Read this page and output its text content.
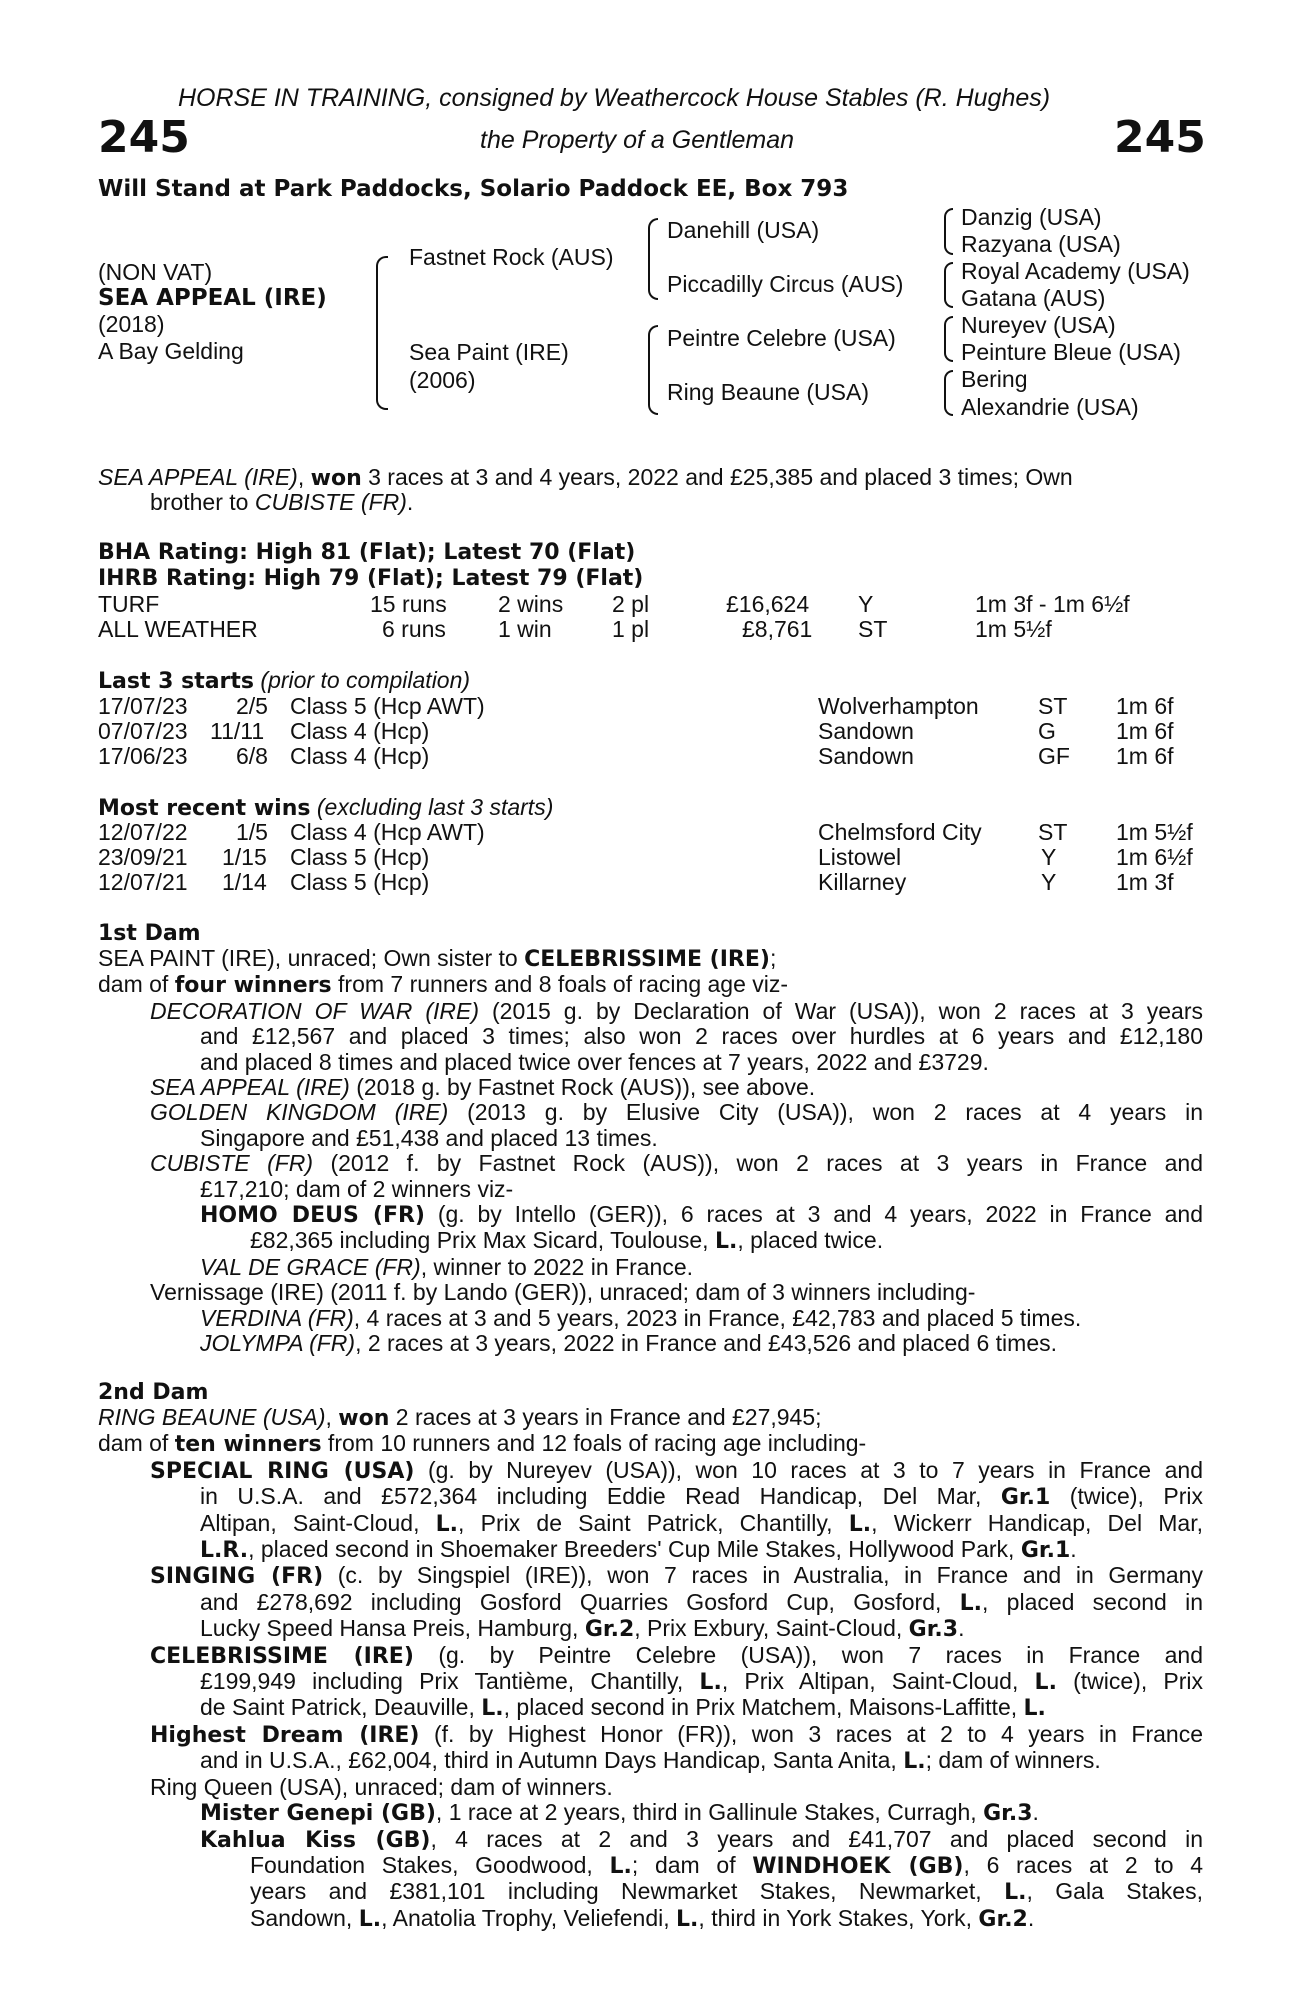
HORSE IN TRAINING, consigned by Weathercock House Stables (R. Hughes)
245	the Property of a Gentleman	245
Will Stand at Park Paddocks, Solario Paddock EE, Box 793
(NON VAT)
SEA APPEAL (IRE)
(2018)
A Bay Gelding
Fastnet Rock (AUS)
Sea Paint (IRE)
(2006)
Danehill (USA)
Piccadilly Circus (AUS)
Peintre Celebre (USA)
Ring Beaune (USA)
Danzig (USA)
Razyana (USA)
Royal Academy (USA)
Gatana (AUS)
Nureyev (USA)
Peinture Bleue (USA)
Bering
Alexandrie (USA)
SEA APPEAL (IRE), won 3 races at 3 and 4 years, 2022 and £25,385 and placed 3 times; Own
brother to CUBISTE (FR).
BHA Rating: High 81 (Flat); Latest 70 (Flat)
IHRB Rating: High 79 (Flat); Latest 79 (Flat)
TURF	15 runs 2 wins 2 pl	£16,624 Y	1m 3f - 1m 6½f
ALL WEATHER	6 runs 1 win	1 pl	£8,761 ST	1m 5½f
Last 3 starts (prior to compilation)
17/07/23 2/5 Class 5 (Hcp AWT)	Wolverhampton	ST 1m 6f
07/07/23 11/11 Class 4 (Hcp)	Sandown	G	1m 6f
17/06/23 6/8 Class 4 (Hcp)	Sandown	GF 1m 6f
Most recent wins (excluding last 3 starts)
12/07/22 1/5 Class 4 (Hcp AWT)	Chelmsford City ST 1m 5½f
23/09/21 1/15 Class 5 (Hcp)	Listowel	Y	1m 6½f
12/07/21 1/14 Class 5 (Hcp)	Killarney	Y	1m 3f
1st Dam
SEA PAINT (IRE), unraced; Own sister to CELEBRISSIME (IRE);
dam of four winners from 7 runners and 8 foals of racing age viz-
DECORATION OF WAR (IRE) (2015 g. by Declaration of War (USA)), won 2 races at 3 years
and £12,567 and placed 3 times; also won 2 races over hurdles at 6 years and £12,180
and placed 8 times and placed twice over fences at 7 years, 2022 and £3729.
SEA APPEAL (IRE) (2018 g. by Fastnet Rock (AUS)), see above.
GOLDEN KINGDOM (IRE) (2013 g. by Elusive City (USA)), won 2 races at 4 years in
Singapore and £51,438 and placed 13 times.
CUBISTE (FR) (2012 f. by Fastnet Rock (AUS)), won 2 races at 3 years in France and
£17,210; dam of 2 winners viz-
HOMO DEUS (FR) (g. by Intello (GER)), 6 races at 3 and 4 years, 2022 in France and
£82,365 including Prix Max Sicard, Toulouse, L., placed twice.
VAL DE GRACE (FR), winner to 2022 in France.
Vernissage (IRE) (2011 f. by Lando (GER)), unraced; dam of 3 winners including-
VERDINA (FR), 4 races at 3 and 5 years, 2023 in France, £42,783 and placed 5 times.
JOLYMPA (FR), 2 races at 3 years, 2022 in France and £43,526 and placed 6 times.
2nd Dam
RING BEAUNE (USA), won 2 races at 3 years in France and £27,945;
dam of ten winners from 10 runners and 12 foals of racing age including-
SPECIAL RING (USA) (g. by Nureyev (USA)), won 10 races at 3 to 7 years in France and
in U.S.A. and £572,364 including Eddie Read Handicap, Del Mar, Gr.1 (twice), Prix
Altipan, Saint-Cloud, L., Prix de Saint Patrick, Chantilly, L., Wickerr Handicap, Del Mar,
L.R., placed second in Shoemaker Breeders' Cup Mile Stakes, Hollywood Park, Gr.1.
SINGING (FR) (c. by Singspiel (IRE)), won 7 races in Australia, in France and in Germany
and £278,692 including Gosford Quarries Gosford Cup, Gosford, L., placed second in
Lucky Speed Hansa Preis, Hamburg, Gr.2, Prix Exbury, Saint-Cloud, Gr.3.
CELEBRISSIME (IRE) (g. by Peintre Celebre (USA)), won 7 races in France and
£199,949 including Prix Tantième, Chantilly, L., Prix Altipan, Saint-Cloud, L. (twice), Prix
de Saint Patrick, Deauville, L., placed second in Prix Matchem, Maisons-Laffitte, L.
Highest Dream (IRE) (f. by Highest Honor (FR)), won 3 races at 2 to 4 years in France
and in U.S.A., £62,004, third in Autumn Days Handicap, Santa Anita, L.; dam of winners.
Ring Queen (USA), unraced; dam of winners.
Mister Genepi (GB), 1 race at 2 years, third in Gallinule Stakes, Curragh, Gr.3.
Kahlua Kiss (GB), 4 races at 2 and 3 years and £41,707 and placed second in
Foundation Stakes, Goodwood, L.; dam of WINDHOEK (GB), 6 races at 2 to 4
years and £381,101 including Newmarket Stakes, Newmarket, L., Gala Stakes,
Sandown, L., Anatolia Trophy, Veliefendi, L., third in York Stakes, York, Gr.2.
